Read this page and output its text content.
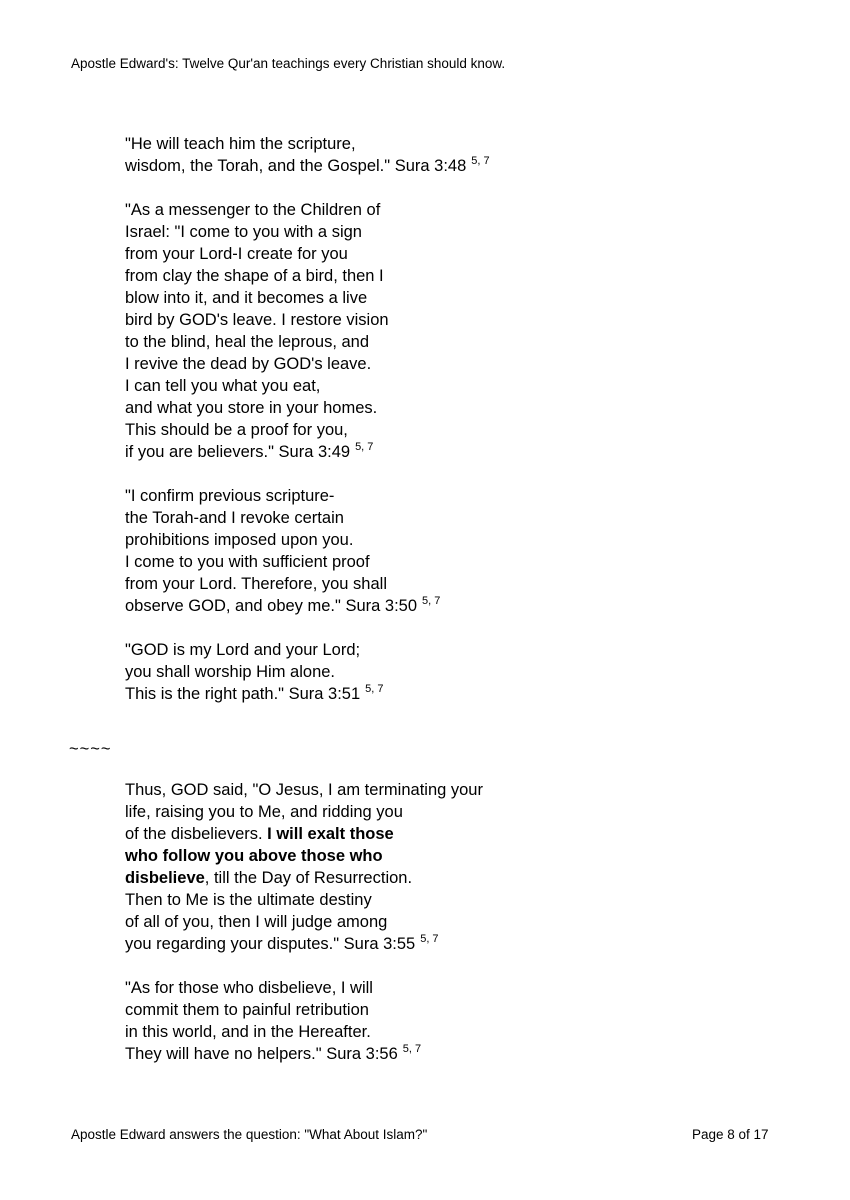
Apostle Edward's: Twelve Qur'an teachings every Christian should know.
"He will teach him the scripture,
wisdom, the Torah, and the Gospel." Sura 3:48 $^{5, 7}$
"As a messenger to the Children of
Israel: "I come to you with a sign
from your Lord-I create for you
from clay the shape of a bird, then I
blow into it, and it becomes a live
bird by GOD's leave. I restore vision
to the blind, heal the leprous, and
I revive the dead by GOD's leave.
I can tell you what you eat,
and what you store in your homes.
This should be a proof for you,
if you are believers." Sura 3:49 $^{5, 7}$
"I confirm previous scripture-
the Torah-and I revoke certain
prohibitions imposed upon you.
I come to you with sufficient proof
from your Lord. Therefore, you shall
observe GOD, and obey me." Sura 3:50 $^{5, 7}$
"GOD is my Lord and your Lord;
you shall worship Him alone.
This is the right path." Sura 3:51 $^{5, 7}$
~~~~
Thus, GOD said, "O Jesus, I am terminating your
life, raising you to Me, and ridding you
of the disbelievers. I will exalt those
who follow you above those who
disbelieve, till the Day of Resurrection.
Then to Me is the ultimate destiny
of all of you, then I will judge among
you regarding your disputes." Sura 3:55 $^{5, 7}$
"As for those who disbelieve, I will
commit them to painful retribution
in this world, and in the Hereafter.
They will have no helpers." Sura 3:56 $^{5, 7}$
Apostle Edward answers the question: "What About Islam?"	Page 8 of 17
